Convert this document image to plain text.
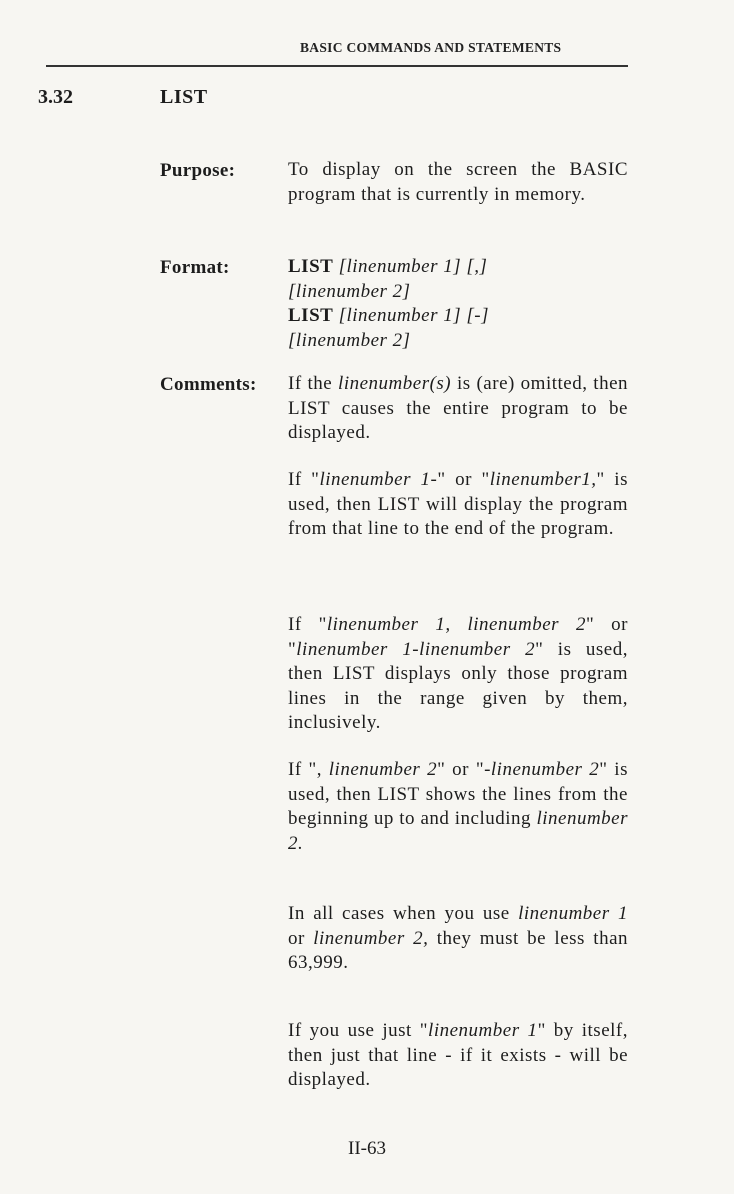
BASIC COMMANDS AND STATEMENTS
3.32	LIST
Purpose:	To display on the screen the BASIC program that is currently in memory.

Format:	LIST [linenumber 1] [,]
[linenumber 2]
LIST [linenumber 1] [-]
[linenumber 2]
Comments: If the linenumber(s) is (are) omitted, then LIST causes the entire program to be displayed.

If "linenumber 1-" or "linenumber1," is used, then LIST will display the program from that line to the end of the program.

If "linenumber 1, linenumber 2" or "linenumber 1-linenumber 2" is used, then LIST displays only those program lines in the range given by them, inclusively.

If ", linenumber 2" or "-linenumber 2" is used, then LIST shows the lines from the beginning up to and including linenumber 2.

In all cases when you use linenumber 1 or linenumber 2, they must be less than 63,999.

If you use just "linenumber 1" by itself, then just that line - if it exists - will be displayed.

II-63
